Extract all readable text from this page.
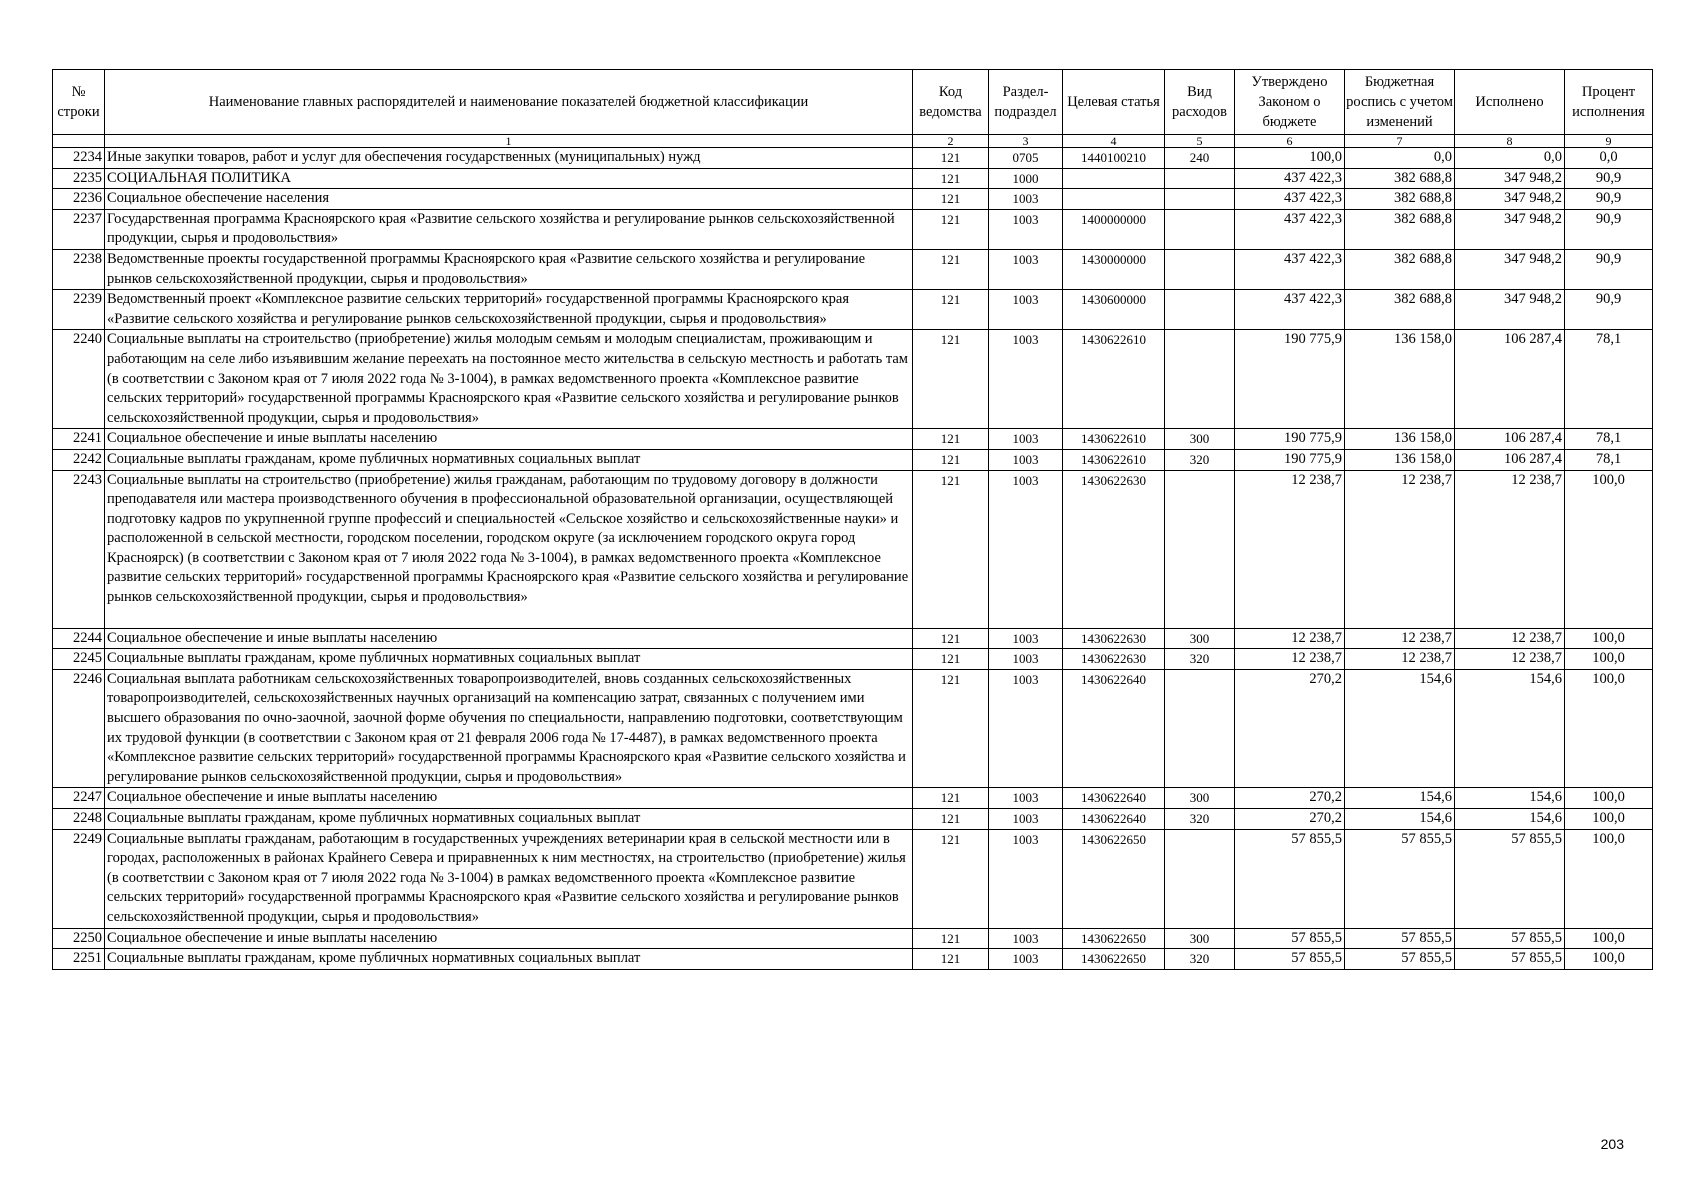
№ строки	Наименование главных распорядителей и наименование показателей бюджетной классификации	Код ведомства	Раздел-подраздел	Целевая статья	Вид расходов	Утверждено Законом о бюджете	Бюджетная роспись с учетом изменений	Исполнено	Процент исполнения
	1	2	3	4	5	6	7	8	9
2234	Иные закупки товаров, работ и услуг для обеспечения государственных (муниципальных) нужд	121	0705	1440100210	240	100,0	0,0	0,0	0,0
2235	СОЦИАЛЬНАЯ ПОЛИТИКА	121	1000			437 422,3	382 688,8	347 948,2	90,9
2236	Социальное обеспечение населения	121	1003			437 422,3	382 688,8	347 948,2	90,9
2237	Государственная программа Красноярского края «Развитие сельского хозяйства и регулирование рынков сельскохозяйственной продукции, сырья и продовольствия»	121	1003	1400000000		437 422,3	382 688,8	347 948,2	90,9
2238	Ведомственные проекты государственной программы Красноярского края «Развитие сельского хозяйства и регулирование рынков сельскохозяйственной продукции, сырья и продовольствия»	121	1003	1430000000		437 422,3	382 688,8	347 948,2	90,9
2239	Ведомственный проект «Комплексное развитие сельских территорий» государственной программы Красноярского края «Развитие сельского хозяйства и регулирование рынков сельскохозяйственной продукции, сырья и продовольствия»	121	1003	1430600000		437 422,3	382 688,8	347 948,2	90,9
2240	Социальные выплаты на строительство (приобретение) жилья молодым семьям и молодым специалистам, проживающим и работающим на селе либо изъявившим желание переехать на постоянное место жительства в сельскую местность и работать там (в соответствии с Законом края от 7 июля 2022 года № 3-1004), в рамках ведомственного проекта «Комплексное развитие сельских территорий» государственной программы Красноярского края «Развитие сельского хозяйства и регулирование рынков сельскохозяйственной продукции, сырья и продовольствия»	121	1003	1430622610		190 775,9	136 158,0	106 287,4	78,1
2241	Социальное обеспечение и иные выплаты населению	121	1003	1430622610	300	190 775,9	136 158,0	106 287,4	78,1
2242	Социальные выплаты гражданам, кроме публичных нормативных социальных выплат	121	1003	1430622610	320	190 775,9	136 158,0	106 287,4	78,1
2243	Социальные выплаты на строительство (приобретение) жилья гражданам, работающим по трудовому договору в должности преподавателя или мастера производственного обучения в профессиональной образовательной организации, осуществляющей подготовку кадров по укрупненной группе профессий и специальностей «Сельское хозяйство и сельскохозяйственные науки» и расположенной в сельской местности, городском поселении, городском округе (за исключением городского округа город Красноярск) (в соответствии с Законом края от 7 июля 2022 года № 3-1004), в рамках ведомственного проекта «Комплексное развитие сельских территорий» государственной программы Красноярского края «Развитие сельского хозяйства и регулирование рынков сельскохозяйственной продукции, сырья и продовольствия»	121	1003	1430622630		12 238,7	12 238,7	12 238,7	100,0
2244	Социальное обеспечение и иные выплаты населению	121	1003	1430622630	300	12 238,7	12 238,7	12 238,7	100,0
2245	Социальные выплаты гражданам, кроме публичных нормативных социальных выплат	121	1003	1430622630	320	12 238,7	12 238,7	12 238,7	100,0
2246	Социальная выплата работникам сельскохозяйственных товаропроизводителей, вновь созданных сельскохозяйственных товаропроизводителей, сельскохозяйственных научных организаций на компенсацию затрат, связанных с получением ими высшего образования по очно-заочной, заочной форме обучения по специальности, направлению подготовки, соответствующим их трудовой функции (в соответствии с Законом края от 21 февраля 2006 года № 17-4487), в рамках ведомственного проекта «Комплексное развитие сельских территорий» государственной программы Красноярского края «Развитие сельского хозяйства и регулирование рынков сельскохозяйственной продукции, сырья и продовольствия»	121	1003	1430622640		270,2	154,6	154,6	100,0
2247	Социальное обеспечение и иные выплаты населению	121	1003	1430622640	300	270,2	154,6	154,6	100,0
2248	Социальные выплаты гражданам, кроме публичных нормативных социальных выплат	121	1003	1430622640	320	270,2	154,6	154,6	100,0
2249	Социальные выплаты гражданам, работающим в государственных учреждениях ветеринарии края в сельской местности или в городах, расположенных в районах Крайнего Севера и приравненных к ним местностях, на строительство (приобретение) жилья (в соответствии с Законом края от 7 июля 2022 года № 3-1004) в рамках ведомственного проекта «Комплексное развитие сельских территорий» государственной программы Красноярского края «Развитие сельского хозяйства и регулирование рынков сельскохозяйственной продукции, сырья и продовольствия»	121	1003	1430622650		57 855,5	57 855,5	57 855,5	100,0
2250	Социальное обеспечение и иные выплаты населению	121	1003	1430622650	300	57 855,5	57 855,5	57 855,5	100,0
2251	Социальные выплаты гражданам, кроме публичных нормативных социальных выплат	121	1003	1430622650	320	57 855,5	57 855,5	57 855,5	100,0
203
